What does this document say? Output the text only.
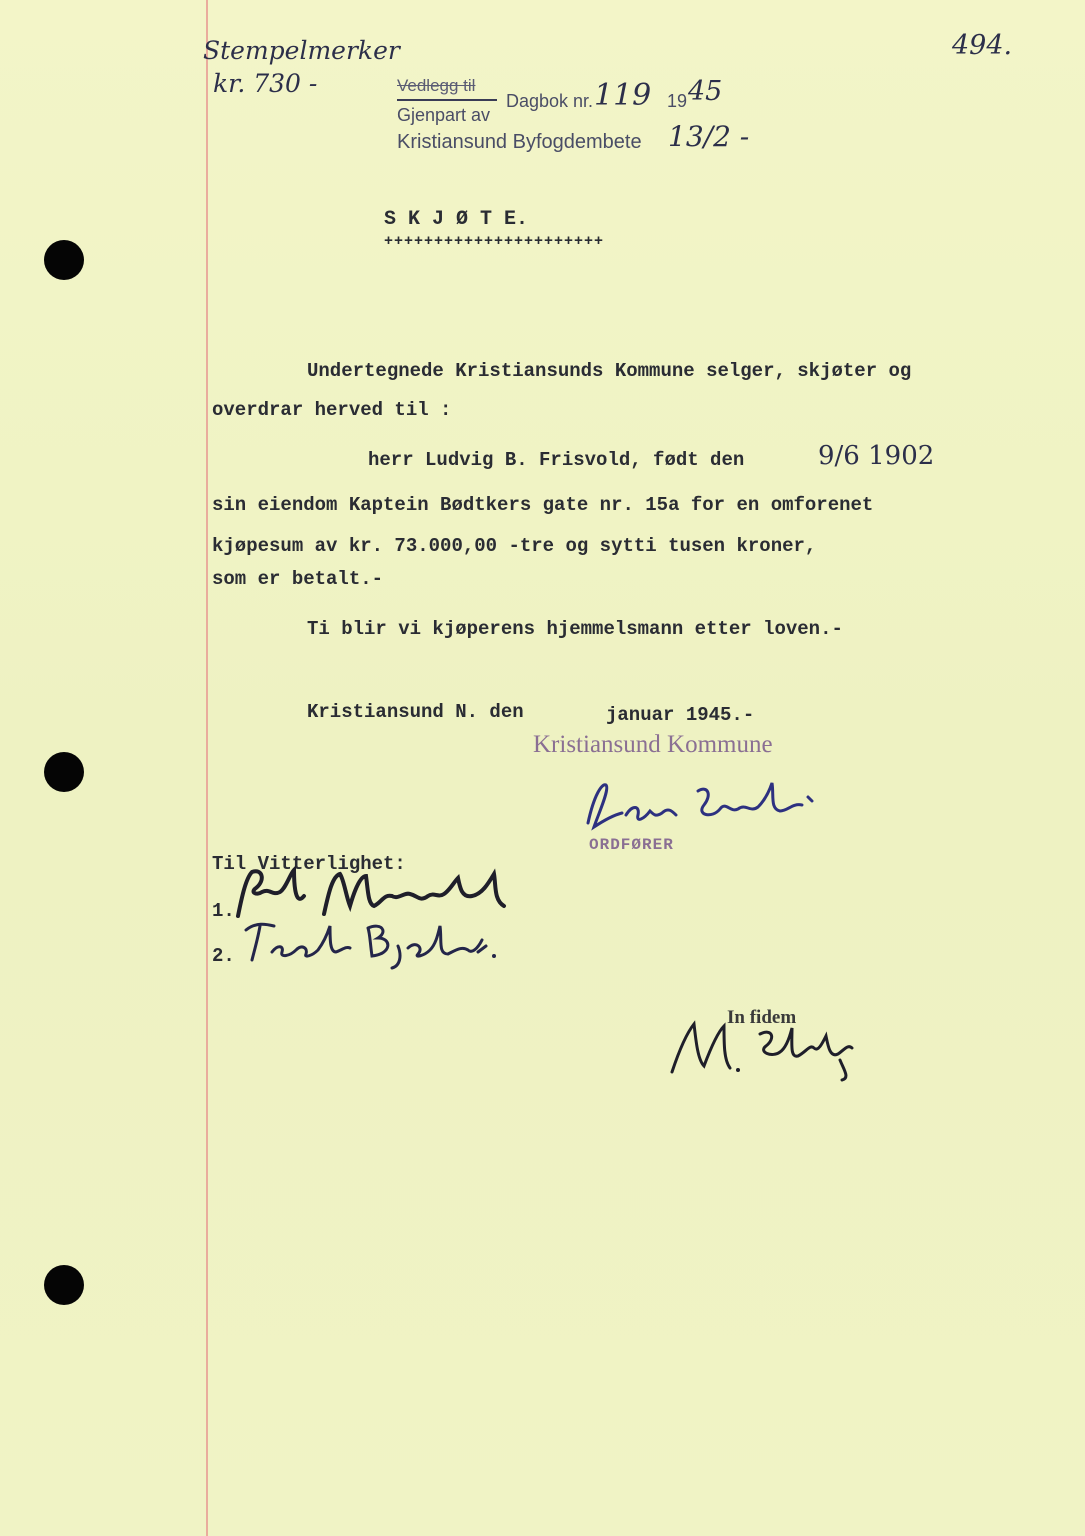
Stempelmerker
kr. 730 -
494.
Vedlegg til
Gjenpart av
Dagbok nr. 119 19 45
Kristiansund Byfogdembete 13/2 -
S K J Ø T E.
++++++++++++++++++++++
Undertegnede Kristiansunds Kommune selger, skjøter og
overdrar herved til :
herr Ludvig B. Frisvold, født den	9/6 1902
sin eiendom Kaptein Bødtkers gate nr. 15a for en omforenet
kjøpesum av kr. 73.000,00 -tre og sytti tusen kroner,
som er betalt.-
Ti blir vi kjøperens hjemmelsmann etter loven.-
Kristiansund N. den	januar 1945.-
Kristiansund Kommune
ORDFØRER
Til Vitterlighet:
1.
2.
In fidem
